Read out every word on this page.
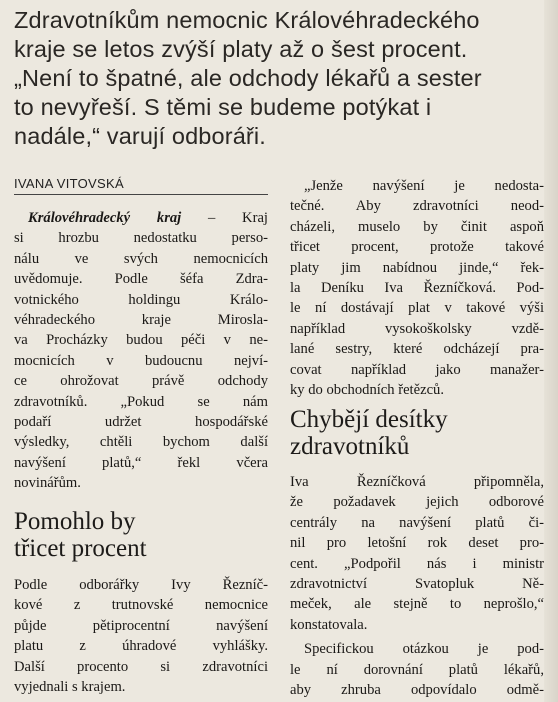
Zdravotníkům nemocnic Královéhradeckého
kraje se letos zvýší platy až o šest procent.
„Není to špatné, ale odchody lékařů a sester
to nevyřeší. S těmi se budeme potýkat i
nadále,“ varují odboráři.
IVANA VITOVSKÁ
Královéhradecký kraj – Kraj
si hrozbu nedostatku perso-
nálu ve svých nemocnicích
uvědomuje. Podle šéfa Zdra-
votnického holdingu Králo-
véhradeckého kraje Mirosla-
va Procházky budou péči v ne-
mocnicích v budoucnu nejví-
ce ohrožovat právě odchody
zdravotníků. „Pokud se nám
podaří udržet hospodářské
výsledky, chtěli bychom další
navýšení platů,“ řekl včera
novinářům.
Pomohlo by
třicet procent
Podle odborářky Ivy Řezníč-
kové z trutnovské nemocnice
půjde pětiprocentní navýšení
platu z úhradové vyhlášky.
Další procento si zdravotníci
vyjednali s krajem.
„Jenže navýšení je nedosta-
tečné. Aby zdravotníci neod-
cházeli, muselo by činit aspoň
třicet procent, protože takové
platy jim nabídnou jinde,“ řek-
la Deníku Iva Řezníčková. Pod-
le ní dostávají plat v takové výši
například vysokoškolsky vzdě-
lané sestry, které odcházejí pra-
covat například jako manažer-
ky do obchodních řetězců.
Chybějí desítky
zdravotníků
Iva Řezníčková připomněla,
že požadavek jejich odborové
centrály na navýšení platů či-
nil pro letošní rok deset pro-
cent. „Podpořil nás i ministr
zdravotnictví Svatopluk Ně-
meček, ale stejně to neprošlo,“
konstatovala.
Specifickou otázkou je pod-
le ní dorovnání platů lékařů,
aby zhruba odpovídalo odmě-
